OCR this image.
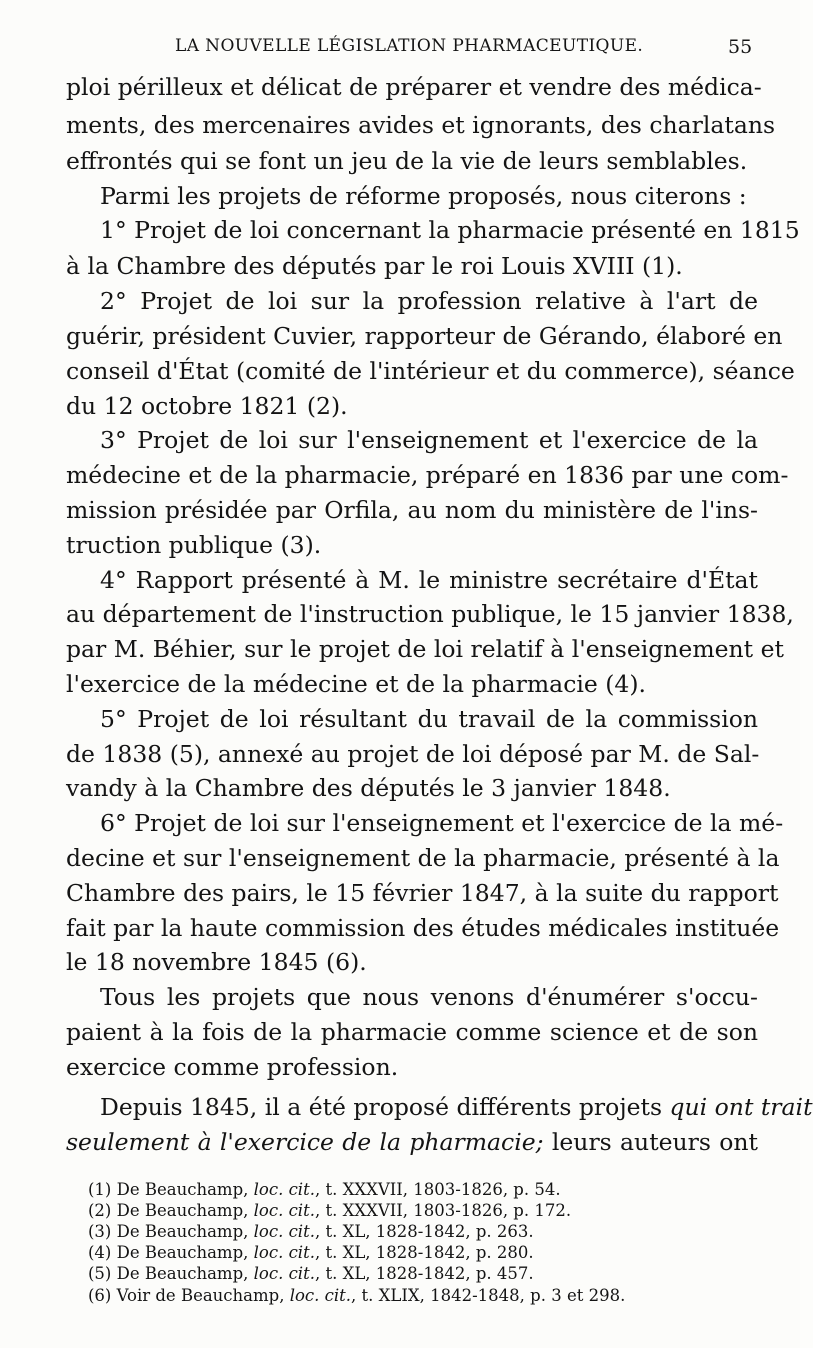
LA NOUVELLE LÉGISLATION PHARMACEUTIQUE.	55
ploi périlleux et délicat de préparer et vendre des médica-
ments, des mercenaires avides et ignorants, des charlatans
effrontés qui se font un jeu de la vie de leurs semblables.
Parmi les projets de réforme proposés, nous citerons :
1° Projet de loi concernant la pharmacie présenté en 1815
à la Chambre des députés par le roi Louis XVIII (1).
2° Projet de loi sur la profession relative à l'art de
guérir, président Cuvier, rapporteur de Gérando, élaboré en
conseil d'État (comité de l'intérieur et du commerce), séance
du 12 octobre 1821 (2).
3° Projet de loi sur l'enseignement et l'exercice de la
médecine et de la pharmacie, préparé en 1836 par une com-
mission présidée par Orfila, au nom du ministère de l'ins-
truction publique (3).
4° Rapport présenté à M. le ministre secrétaire d'État
au département de l'instruction publique, le 15 janvier 1838,
par M. Béhier, sur le projet de loi relatif à l'enseignement et
l'exercice de la médecine et de la pharmacie (4).
5° Projet de loi résultant du travail de la commission
de 1838 (5), annexé au projet de loi déposé par M. de Sal-
vandy à la Chambre des députés le 3 janvier 1848.
6° Projet de loi sur l'enseignement et l'exercice de la mé-
decine et sur l'enseignement de la pharmacie, présenté à la
Chambre des pairs, le 15 février 1847, à la suite du rapport
fait par la haute commission des études médicales instituée
le 18 novembre 1845 (6).
Tous les projets que nous venons d'énumérer s'occu-
paient à la fois de la pharmacie comme science et de son
exercice comme profession.
Depuis 1845, il a été proposé différents projets qui ont trait
seulement à l'exercice de la pharmacie; leurs auteurs ont
(1) De Beauchamp, loc. cit., t. XXXVII, 1803-1826, p. 54.
(2) De Beauchamp, loc. cit., t. XXXVII, 1803-1826, p. 172.
(3) De Beauchamp, loc. cit., t. XL, 1828-1842, p. 263.
(4) De Beauchamp, loc. cit., t. XL, 1828-1842, p. 280.
(5) De Beauchamp, loc. cit., t. XL, 1828-1842, p. 457.
(6) Voir de Beauchamp, loc. cit., t. XLIX, 1842-1848, p. 3 et 298.
